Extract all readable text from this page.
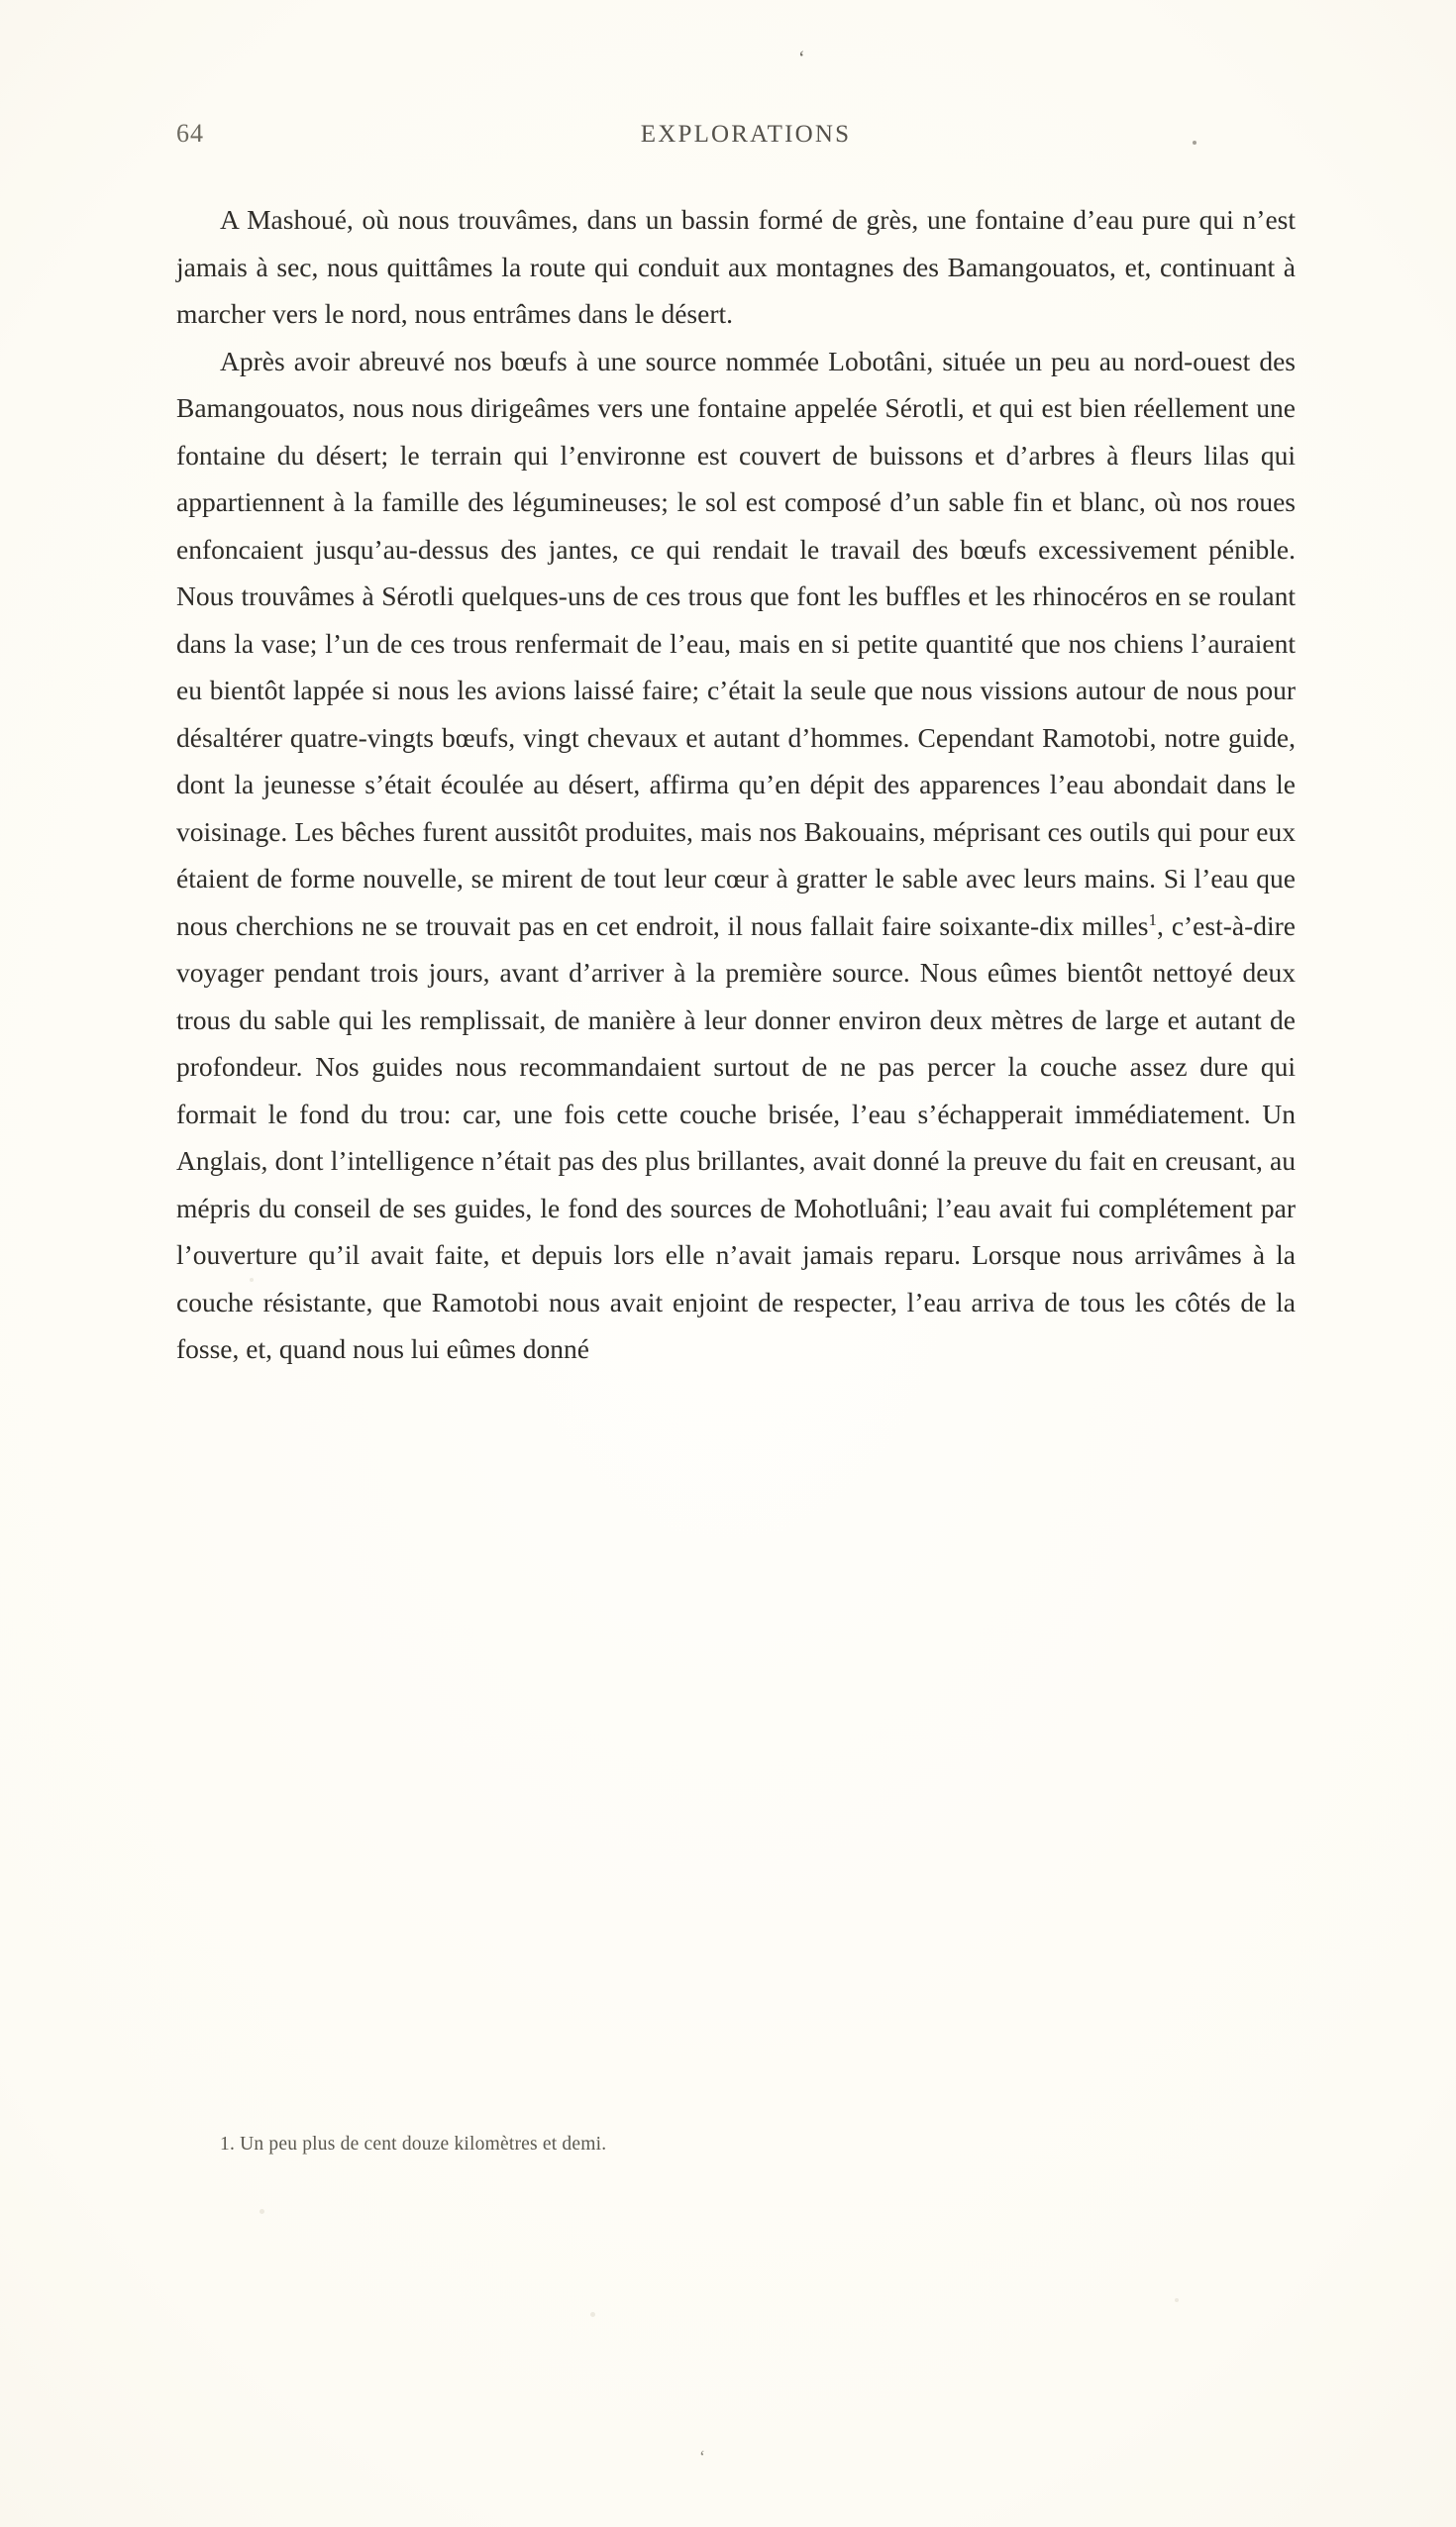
‘
64	EXPLORATIONS

A Mashoué, où nous trouvâmes, dans un bassin formé de grès, une fontaine d’eau pure qui n’est jamais à sec, nous quittâmes la route qui conduit aux montagnes des Bamangouatos, et, continuant à marcher vers le nord, nous entrâmes dans le désert.

Après avoir abreuvé nos bœufs à une source nommée Lobotâni, située un peu au nord-ouest des Bamangouatos, nous nous dirigeâmes vers une fontaine appelée Sérotli, et qui est bien réellement une fontaine du désert; le terrain qui l’environne est couvert de buissons et d’arbres à fleurs lilas qui appartiennent à la famille des légumineuses; le sol est composé d’un sable fin et blanc, où nos roues enfoncaient jusqu’au-dessus des jantes, ce qui rendait le travail des bœufs excessivement pénible. Nous trouvâmes à Sérotli quelques-uns de ces trous que font les buffles et les rhinocéros en se roulant dans la vase; l’un de ces trous renfermait de l’eau, mais en si petite quantité que nos chiens l’auraient eu bientôt lappée si nous les avions laissé faire; c’était la seule que nous vissions autour de nous pour désaltérer quatre-vingts bœufs, vingt chevaux et autant d’hommes. Cependant Ramotobi, notre guide, dont la jeunesse s’était écoulée au désert, affirma qu’en dépit des apparences l’eau abondait dans le voisinage. Les bêches furent aussitôt produites, mais nos Bakouains, méprisant ces outils qui pour eux étaient de forme nouvelle, se mirent de tout leur cœur à gratter le sable avec leurs mains. Si l’eau que nous cherchions ne se trouvait pas en cet endroit, il nous fallait faire soixante-dix milles$^1$, c’est-à-dire voyager pendant trois jours, avant d’arriver à la première source. Nous eûmes bientôt nettoyé deux trous du sable qui les remplissait, de manière à leur donner environ deux mètres de large et autant de profondeur. Nos guides nous recommandaient surtout de ne pas percer la couche assez dure qui formait le fond du trou: car, une fois cette couche brisée, l’eau s’échapperait immédiatement. Un Anglais, dont l’intelligence n’était pas des plus brillantes, avait donné la preuve du fait en creusant, au mépris du conseil de ses guides, le fond des sources de Mohotluâni; l’eau avait fui complétement par l’ouverture qu’il avait faite, et depuis lors elle n’avait jamais reparu. Lorsque nous arrivâmes à la couche résistante, que Ramotobi nous avait enjoint de respecter, l’eau arriva de tous les côtés de la fosse, et, quand nous lui eûmes donné

1. Un peu plus de cent douze kilomètres et demi.
‘
